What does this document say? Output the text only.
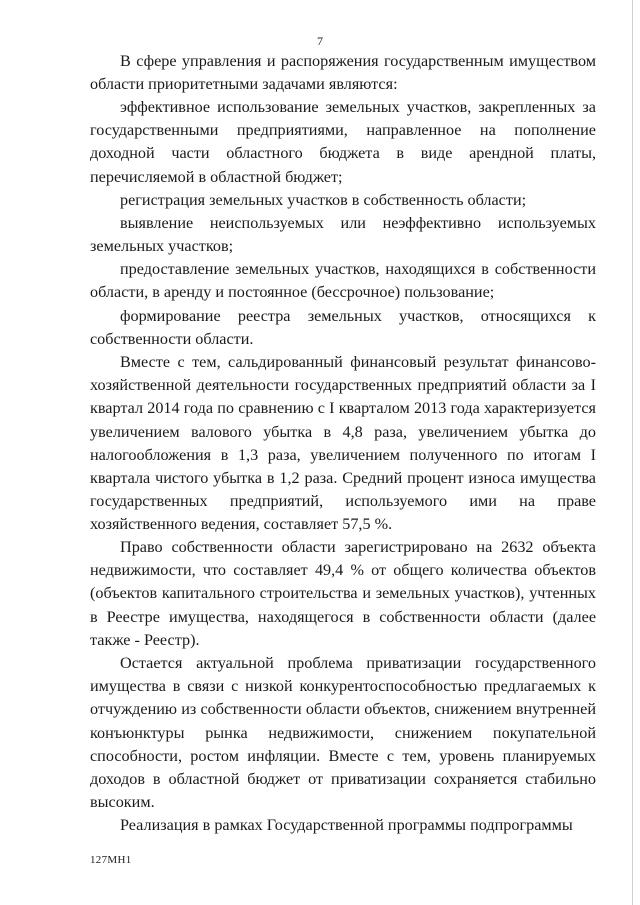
7

В сфере управления и распоряжения государственным имуществом области приоритетными задачами являются:

эффективное использование земельных участков, закрепленных за государственными предприятиями, направленное на пополнение доходной части областного бюджета в виде арендной платы, перечисляемой в областной бюджет;

регистрация земельных участков в собственность области;

выявление неиспользуемых или неэффективно используемых земельных участков;

предоставление земельных участков, находящихся в собственности области, в аренду и постоянное (бессрочное) пользование;

формирование реестра земельных участков, относящихся к собственности области.

Вместе с тем, сальдированный финансовый результат финансово-хозяйственной деятельности государственных предприятий области за I квартал 2014 года по сравнению с I кварталом 2013 года характеризуется увеличением валового убытка в 4,8 раза, увеличением убытка до налогообложения в 1,3 раза, увеличением полученного по итогам I квартала чистого убытка в 1,2 раза. Средний процент износа имущества государственных предприятий, используемого ими на праве хозяйственного ведения, составляет 57,5 %.

Право собственности области зарегистрировано на 2632 объекта недвижимости, что составляет 49,4 % от общего количества объектов (объектов капитального строительства и земельных участков), учтенных в Реестре имущества, находящегося в собственности области (далее также - Реестр).

Остается актуальной проблема приватизации государственного имущества в связи с низкой конкурентоспособностью предлагаемых к отчуждению из собственности области объектов, снижением внутренней конъюнктуры рынка недвижимости, снижением покупательной способности, ростом инфляции. Вместе с тем, уровень планируемых доходов в областной бюджет от приватизации сохраняется стабильно высоким.

Реализация в рамках Государственной программы подпрограммы

127МН1
